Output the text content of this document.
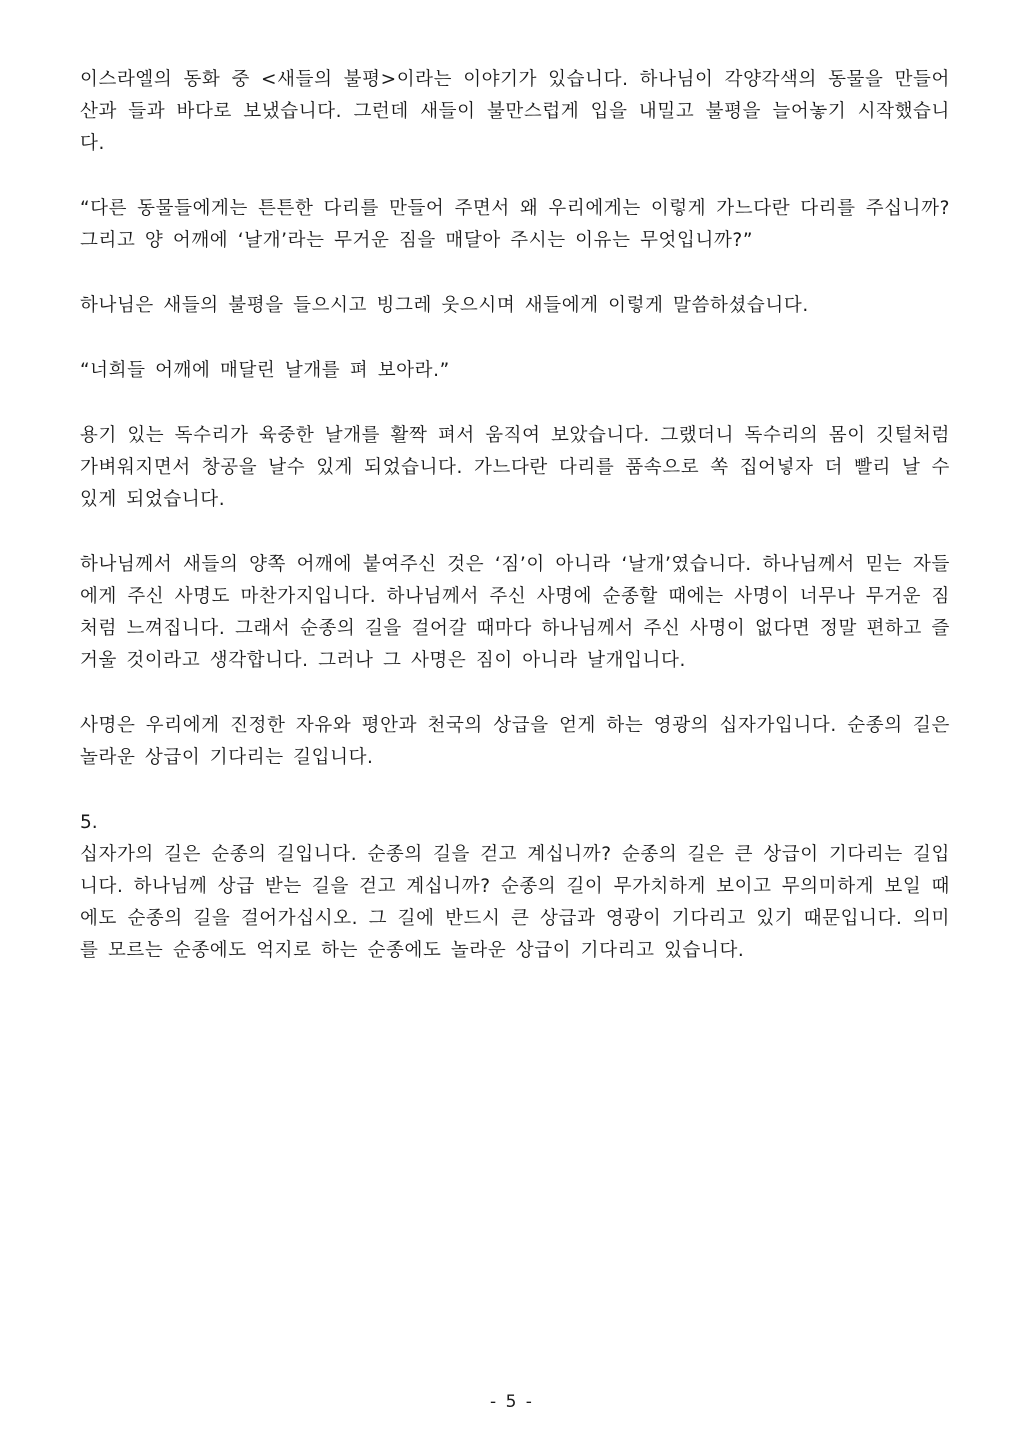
이스라엘의 동화 중 <새들의 불평>이라는 이야기가 있습니다. 하나님이 각양각색의 동물을 만들어 산과 들과 바다로 보냈습니다. 그런데 새들이 불만스럽게 입을 내밀고 불평을 늘어놓기 시작했습니다.

“다른 동물들에게는 튼튼한 다리를 만들어 주면서 왜 우리에게는 이렇게 가느다란 다리를 주십니까? 그리고 양 어깨에 ‘날개’라는 무거운 짐을 매달아 주시는 이유는 무엇입니까?”

하나님은 새들의 불평을 들으시고 빙그레 웃으시며 새들에게 이렇게 말씀하셨습니다.

“너희들 어깨에 매달린 날개를 펴 보아라.”

용기 있는 독수리가 육중한 날개를 활짝 펴서 움직여 보았습니다. 그랬더니 독수리의 몸이 깃털처럼 가벼워지면서 창공을 날수 있게 되었습니다. 가느다란 다리를 품속으로 쏙 집어넣자 더 빨리 날 수 있게 되었습니다.

하나님께서 새들의 양쪽 어깨에 붙여주신 것은 ‘짐’이 아니라 ‘날개’였습니다. 하나님께서 믿는 자들에게 주신 사명도 마찬가지입니다. 하나님께서 주신 사명에 순종할 때에는 사명이 너무나 무거운 짐처럼 느껴집니다. 그래서 순종의 길을 걸어갈 때마다 하나님께서 주신 사명이 없다면 정말 편하고 즐거울 것이라고 생각합니다. 그러나 그 사명은 짐이 아니라 날개입니다.

사명은 우리에게 진정한 자유와 평안과 천국의 상급을 얻게 하는 영광의 십자가입니다. 순종의 길은 놀라운 상급이 기다리는 길입니다.

5.

십자가의 길은 순종의 길입니다. 순종의 길을 걷고 계십니까? 순종의 길은 큰 상급이 기다리는 길입니다. 하나님께 상급 받는 길을 걷고 계십니까? 순종의 길이 무가치하게 보이고 무의미하게 보일 때에도 순종의 길을 걸어가십시오. 그 길에 반드시 큰 상급과 영광이 기다리고 있기 때문입니다. 의미를 모르는 순종에도 억지로 하는 순종에도 놀라운 상급이 기다리고 있습니다.

- 5 -
